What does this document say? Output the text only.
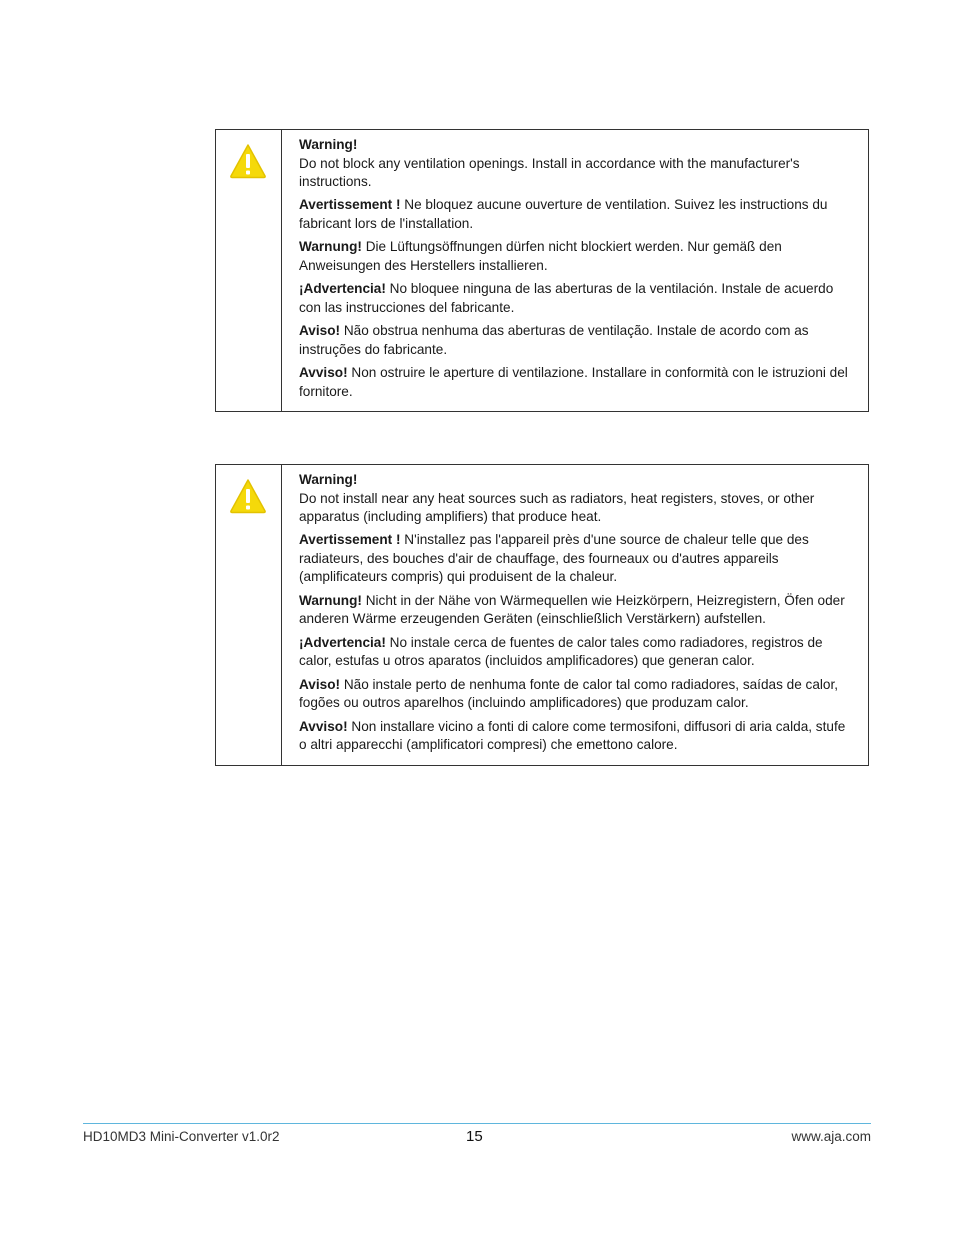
Warning!

Do not block any ventilation openings. Install in accordance with the manufacturer's instructions.

Avertissement ! Ne bloquez aucune ouverture de ventilation. Suivez les instructions du fabricant lors de l'installation.

Warnung! Die Lüftungsöffnungen dürfen nicht blockiert werden. Nur gemäß den Anweisungen des Herstellers installieren.

¡Advertencia! No bloquee ninguna de las aberturas de la ventilación. Instale de acuerdo con las instrucciones del fabricante.

Aviso! Não obstrua nenhuma das aberturas de ventilação. Instale de acordo com as instruções do fabricante.

Avviso! Non ostruire le aperture di ventilazione. Installare in conformità con le istruzioni del fornitore.

Warning!

Do not install near any heat sources such as radiators, heat registers, stoves, or other apparatus (including amplifiers) that produce heat.

Avertissement ! N'installez pas l'appareil près d'une source de chaleur telle que des radiateurs, des bouches d'air de chauffage, des fourneaux ou d'autres appareils (amplificateurs compris) qui produisent de la chaleur.

Warnung! Nicht in der Nähe von Wärmequellen wie Heizkörpern, Heizregistern, Öfen oder anderen Wärme erzeugenden Geräten (einschließlich Verstärkern) aufstellen.

¡Advertencia! No instale cerca de fuentes de calor tales como radiadores, registros de calor, estufas u otros aparatos (incluidos amplificadores) que generan calor.

Aviso! Não instale perto de nenhuma fonte de calor tal como radiadores, saídas de calor, fogões ou outros aparelhos (incluindo amplificadores) que produzam calor.

Avviso! Non installare vicino a fonti di calore come termosifoni, diffusori di aria calda, stufe o altri apparecchi (amplificatori compresi) che emettono calore.

HD10MD3 Mini-Converter v1.0r2	15	www.aja.com
